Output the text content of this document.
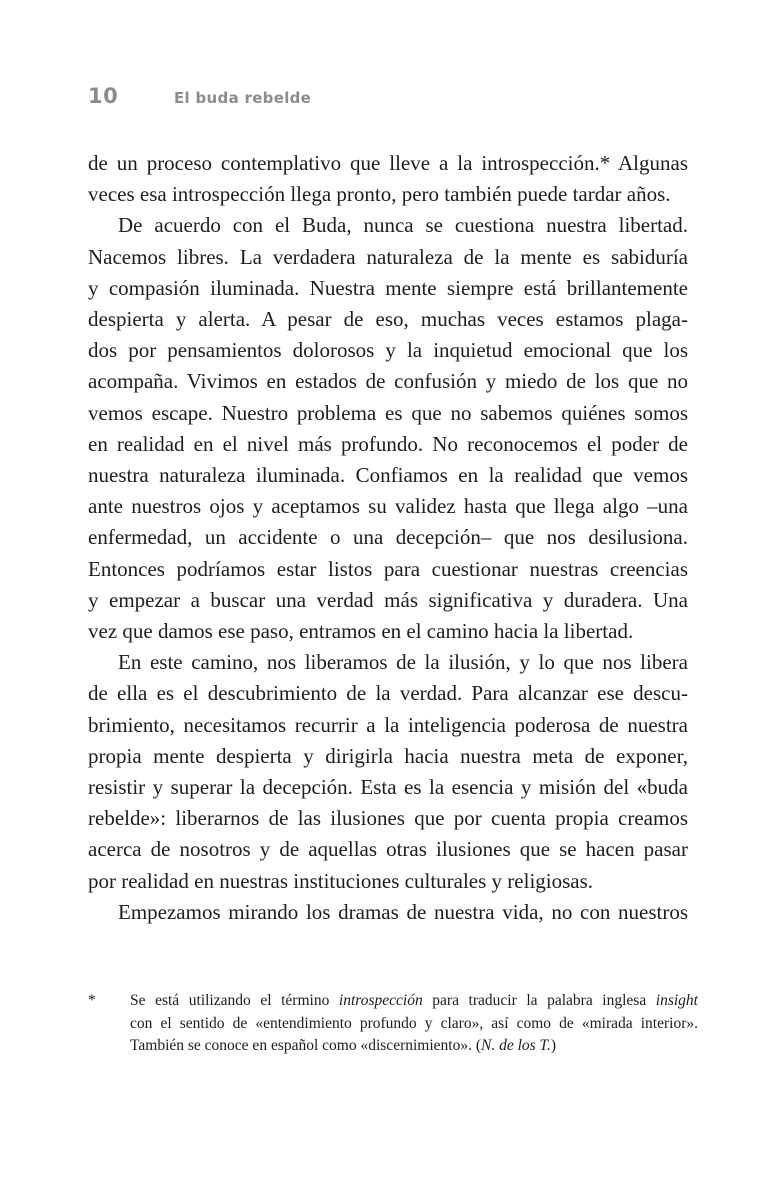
10	El buda rebelde

de un proceso contemplativo que lleve a la introspección.* Algunas
veces esa introspección llega pronto, pero también puede tardar años.

De acuerdo con el Buda, nunca se cuestiona nuestra libertad.
Nacemos libres. La verdadera naturaleza de la mente es sabiduría
y compasión iluminada. Nuestra mente siempre está brillantemente
despierta y alerta. A pesar de eso, muchas veces estamos plaga-
dos por pensamientos dolorosos y la inquietud emocional que los
acompaña. Vivimos en estados de confusión y miedo de los que no
vemos escape. Nuestro problema es que no sabemos quiénes somos
en realidad en el nivel más profundo. No reconocemos el poder de
nuestra naturaleza iluminada. Confiamos en la realidad que vemos
ante nuestros ojos y aceptamos su validez hasta que llega algo –una
enfermedad, un accidente o una decepción– que nos desilusiona.
Entonces podríamos estar listos para cuestionar nuestras creencias
y empezar a buscar una verdad más significativa y duradera. Una
vez que damos ese paso, entramos en el camino hacia la libertad.

En este camino, nos liberamos de la ilusión, y lo que nos libera
de ella es el descubrimiento de la verdad. Para alcanzar ese descu-
brimiento, necesitamos recurrir a la inteligencia poderosa de nuestra
propia mente despierta y dirigirla hacia nuestra meta de exponer,
resistir y superar la decepción. Esta es la esencia y misión del «buda
rebelde»: liberarnos de las ilusiones que por cuenta propia creamos
acerca de nosotros y de aquellas otras ilusiones que se hacen pasar
por realidad en nuestras instituciones culturales y religiosas.

Empezamos mirando los dramas de nuestra vida, no con nuestros

* Se está utilizando el término introspección para traducir la palabra inglesa insight
con el sentido de «entendimiento profundo y claro», así como de «mirada interior».
También se conoce en español como «discernimiento». (N. de los T.)
